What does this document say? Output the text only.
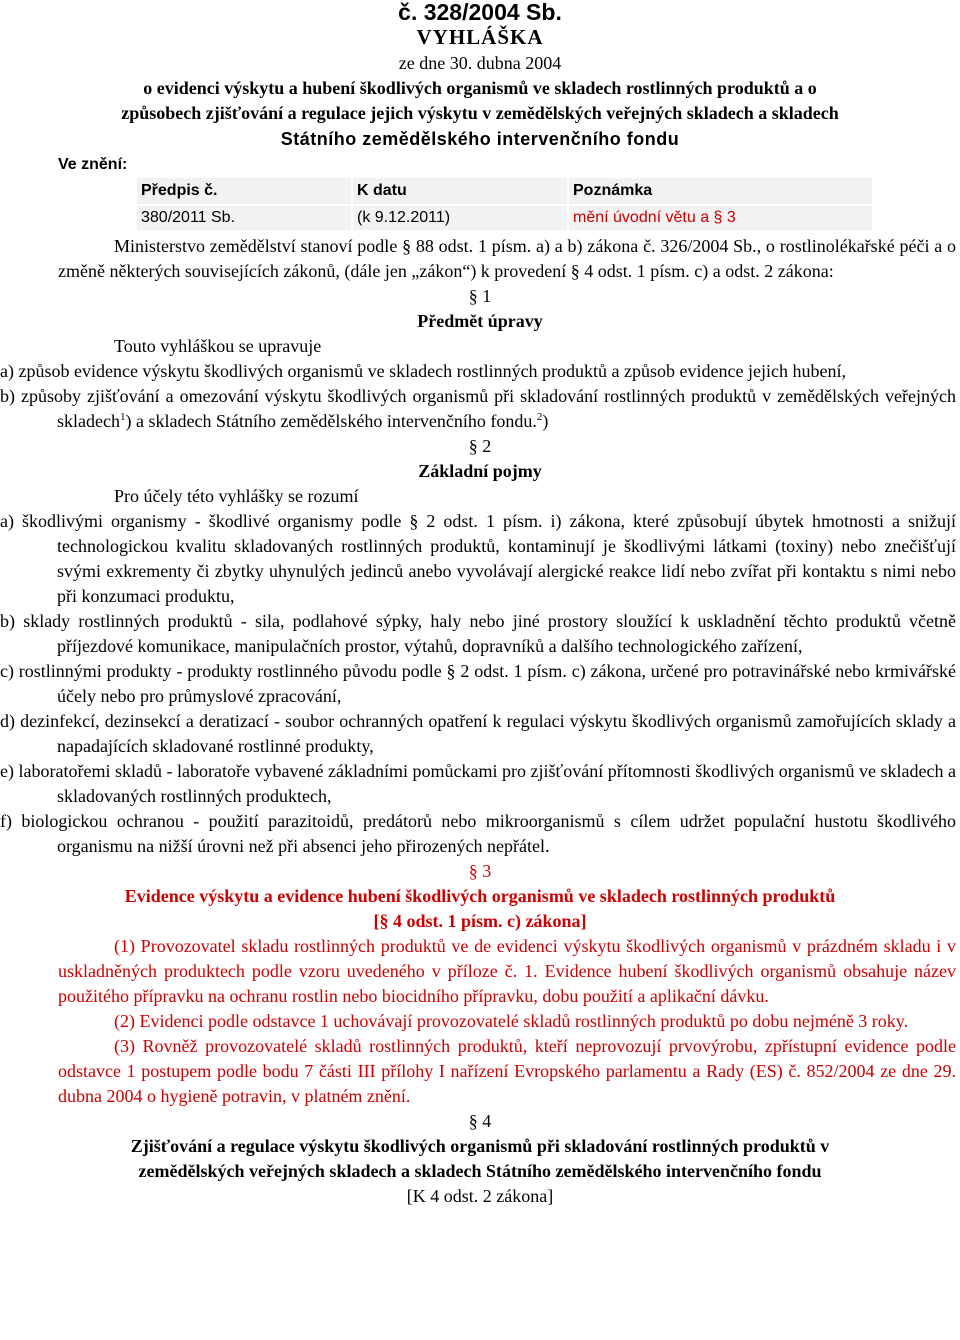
č. 328/2004 Sb.
VYHLÁŠKA
ze dne 30. dubna 2004
o evidenci výskytu a hubení škodlivých organismů ve skladech rostlinných produktů a o
způsobech zjišťování a regulace jejich výskytu v zemědělských veřejných skladech a skladech
Státního zemědělského intervenčního fondu
Ve znění:
Předpis č.	K datu	Poznámka
380/2011 Sb.	(k 9.12.2011)	mění úvodní větu a § 3
Ministerstvo zemědělství stanoví podle § 88 odst. 1 písm. a) a b) zákona č. 326/2004 Sb., o rostlinolékařské péči a o změně některých souvisejících zákonů, (dále jen „zákon“) k provedení § 4 odst. 1 písm. c) a odst. 2 zákona:
§ 1
Předmět úpravy
Touto vyhláškou se upravuje
a) způsob evidence výskytu škodlivých organismů ve skladech rostlinných produktů a způsob evidence jejich hubení,
b) způsoby zjišťování a omezování výskytu škodlivých organismů při skladování rostlinných produktů v zemědělských veřejných skladech$^1$) a skladech Státního zemědělského intervenčního fondu.$^2$)
§ 2
Základní pojmy
Pro účely této vyhlášky se rozumí
a) škodlivými organismy - škodlivé organismy podle § 2 odst. 1 písm. i) zákona, které způsobují úbytek hmotnosti a snižují technologickou kvalitu skladovaných rostlinných produktů, kontaminují je škodlivými látkami (toxiny) nebo znečišťují svými exkrementy či zbytky uhynulých jedinců anebo vyvolávají alergické reakce lidí nebo zvířat při kontaktu s nimi nebo při konzumaci produktu,
b) sklady rostlinných produktů - sila, podlahové sýpky, haly nebo jiné prostory sloužící k uskladnění těchto produktů včetně příjezdové komunikace, manipulačních prostor, výtahů, dopravníků a dalšího technologického zařízení,
c) rostlinnými produkty - produkty rostlinného původu podle § 2 odst. 1 písm. c) zákona, určené pro potravinářské nebo krmivářské účely nebo pro průmyslové zpracování,
d) dezinfekcí, dezinsekcí a deratizací - soubor ochranných opatření k regulaci výskytu škodlivých organismů zamořujících sklady a napadajících skladované rostlinné produkty,
e) laboratořemi skladů - laboratoře vybavené základními pomůckami pro zjišťování přítomnosti škodlivých organismů ve skladech a skladovaných rostlinných produktech,
f) biologickou ochranou - použití parazitoidů, predátorů nebo mikroorganismů s cílem udržet populační hustotu škodlivého organismu na nižší úrovni než při absenci jeho přirozených nepřátel.
§ 3
Evidence výskytu a evidence hubení škodlivých organismů ve skladech rostlinných produktů
[§ 4 odst. 1 písm. c) zákona]
(1) Provozovatel skladu rostlinných produktů ve de evidenci výskytu škodlivých organismů v prázdném skladu i v uskladněných produktech podle vzoru uvedeného v příloze č. 1. Evidence hubení škodlivých organismů obsahuje název použitého přípravku na ochranu rostlin nebo biocidního přípravku, dobu použití a aplikační dávku.
(2) Evidenci podle odstavce 1 uchovávají provozovatelé skladů rostlinných produktů po dobu nejméně 3 roky.
(3) Rovněž provozovatelé skladů rostlinných produktů, kteří neprovozují prvovýrobu, zpřístupní evidence podle odstavce 1 postupem podle bodu 7 části III přílohy I nařízení Evropského parlamentu a Rady (ES) č. 852/2004 ze dne 29. dubna 2004 o hygieně potravin, v platném znění.
§ 4
Zjišťování a regulace výskytu škodlivých organismů při skladování rostlinných produktů v
zemědělských veřejných skladech a skladech Státního zemědělského intervenčního fondu
[K 4 odst. 2 zákona]
